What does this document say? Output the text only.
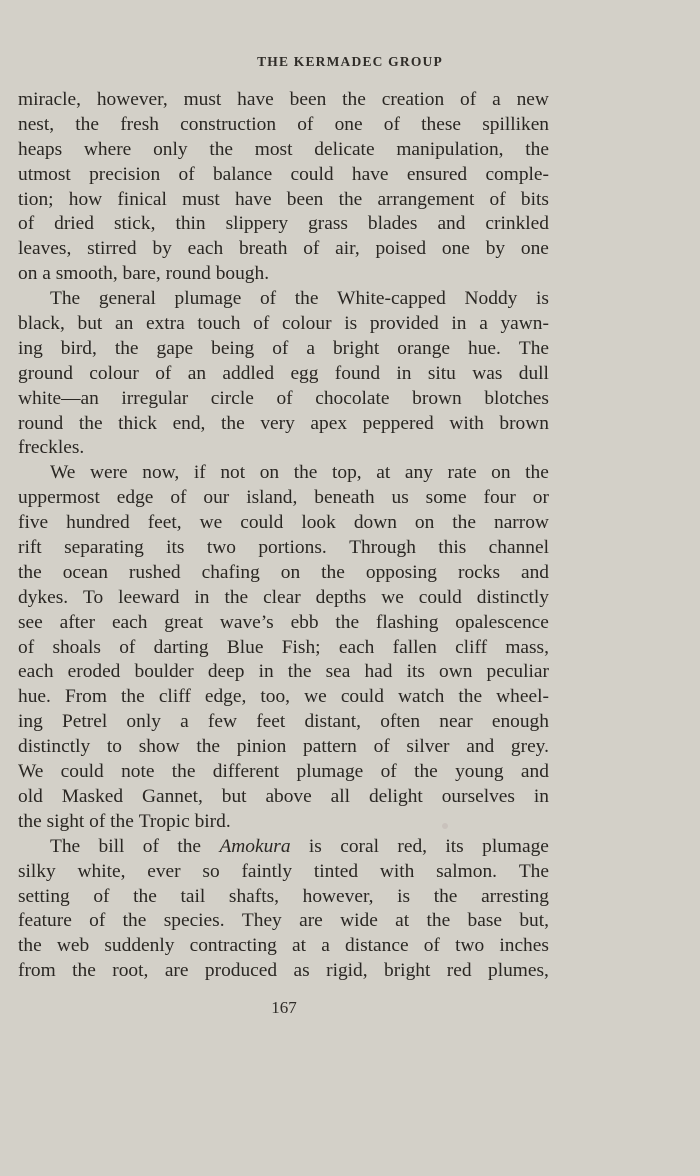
THE KERMADEC GROUP
miracle, however, must have been the creation of a new
nest, the fresh construction of one of these spilliken
heaps where only the most delicate manipulation, the
utmost precision of balance could have ensured comple-
tion; how finical must have been the arrangement of bits
of dried stick, thin slippery grass blades and crinkled
leaves, stirred by each breath of air, poised one by one
on
a
smooth,
bare,
round
bough.
The general plumage of the White-capped Noddy is
black, but an extra touch of colour is provided in a yawn-
ing bird, the gape being of a bright orange hue. The
ground colour of an addled egg found in situ was dull
white—an irregular circle of chocolate brown blotches
round the thick end, the very apex peppered with brown
freckles.
We were now, if not on the top, at any rate on the
uppermost edge of our island, beneath us some four or
five hundred feet, we could look down on the narrow
rift separating its two portions. Through this channel
the ocean rushed chafing on the opposing rocks and
dykes. To leeward in the clear depths we could distinctly
see after each great wave’s ebb the flashing opalescence
of shoals of darting Blue Fish; each fallen cliff mass,
each eroded boulder deep in the sea had its own peculiar
hue. From the cliff edge, too, we could watch the wheel-
ing Petrel only a few feet distant, often near enough
distinctly to show the pinion pattern of silver and grey.
We could note the different plumage of the young and
old Masked Gannet, but above all delight ourselves in
the
sight
of
the
Tropic
bird.
The bill of the Amokura is coral red, its plumage
silky white, ever so faintly tinted with salmon. The
setting of the tail shafts, however, is the arresting
feature of the species. They are wide at the base but,
the web suddenly contracting at a distance of two inches
from the root, are produced as rigid, bright red plumes,
167
